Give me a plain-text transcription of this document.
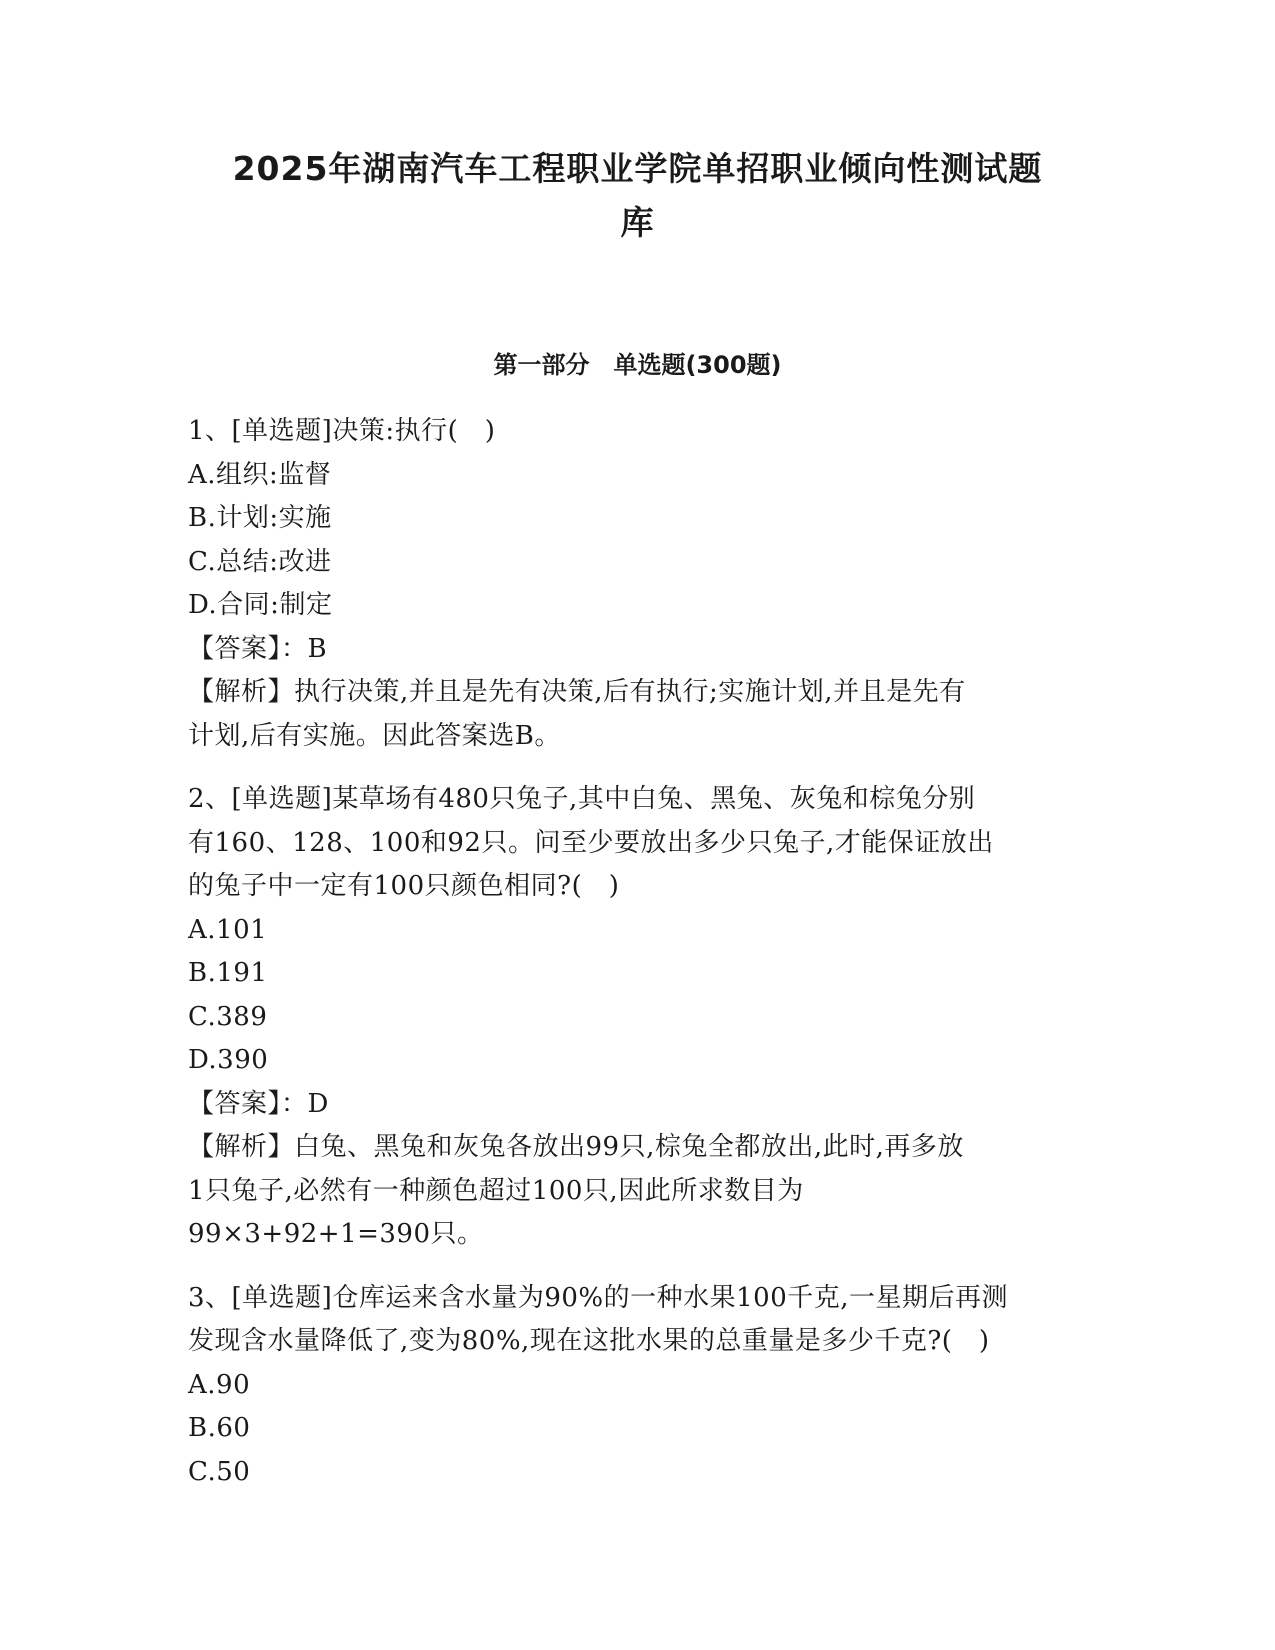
2025年湖南汽车工程职业学院单招职业倾向性测试题
库
第一部分　单选题(300题)

1、[单选题]决策:执行(　)

A.组织:监督

B.计划:实施

C.总结:改进

D.合同:制定

【答案】：B

【解析】执行决策,并且是先有决策,后有执行;实施计划,并且是先有

计划,后有实施。因此答案选B。

2、[单选题]某草场有480只兔子,其中白兔、黑兔、灰兔和棕兔分别

有160、128、100和92只。问至少要放出多少只兔子,才能保证放出

的兔子中一定有100只颜色相同?(　)

A.101

B.191

C.389

D.390

【答案】：D

【解析】白兔、黑兔和灰兔各放出99只,棕兔全都放出,此时,再多放

1只兔子,必然有一种颜色超过100只,因此所求数目为

99×3+92+1=390只。

3、[单选题]仓库运来含水量为90%的一种水果100千克,一星期后再测

发现含水量降低了,变为80%,现在这批水果的总重量是多少千克?(　)

A.90

B.60

C.50
